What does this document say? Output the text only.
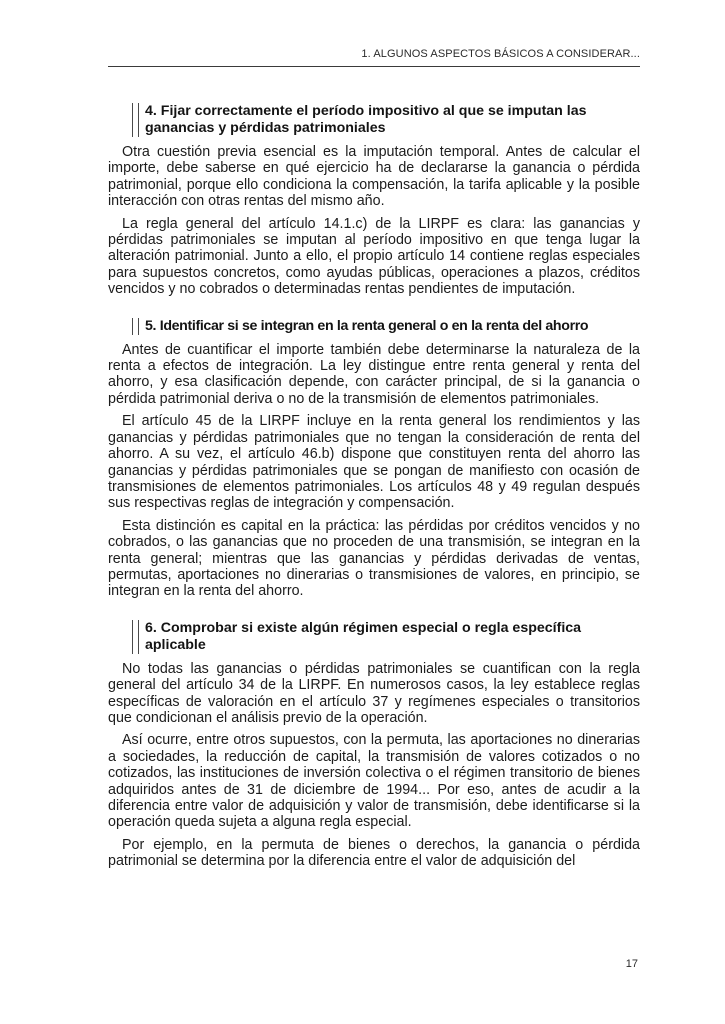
1. ALGUNOS ASPECTOS BÁSICOS A CONSIDERAR...
4. Fijar correctamente el período impositivo al que se imputan las ganancias y pérdidas patrimoniales

Otra cuestión previa esencial es la imputación temporal. Antes de calcular el importe, debe saberse en qué ejercicio ha de declararse la ganancia o pérdida patrimonial, porque ello condiciona la compensación, la tarifa aplicable y la posible interacción con otras rentas del mismo año.

La regla general del artículo 14.1.c) de la LIRPF es clara: las ganancias y pérdidas patrimoniales se imputan al período impositivo en que tenga lugar la alteración patrimonial. Junto a ello, el propio artículo 14 contiene reglas especiales para supuestos concretos, como ayudas públicas, operaciones a plazos, créditos vencidos y no cobrados o determinadas rentas pendientes de imputación.

5. Identificar si se integran en la renta general o en la renta del ahorro

Antes de cuantificar el importe también debe determinarse la naturaleza de la renta a efectos de integración. La ley distingue entre renta general y renta del ahorro, y esa clasificación depende, con carácter principal, de si la ganancia o pérdida patrimonial deriva o no de la transmisión de elementos patrimoniales.

El artículo 45 de la LIRPF incluye en la renta general los rendimientos y las ganancias y pérdidas patrimoniales que no tengan la consideración de renta del ahorro. A su vez, el artículo 46.b) dispone que constituyen renta del ahorro las ganancias y pérdidas patrimoniales que se pongan de manifiesto con ocasión de transmisiones de elementos patrimoniales. Los artículos 48 y 49 regulan después sus respectivas reglas de integración y compensación.

Esta distinción es capital en la práctica: las pérdidas por créditos vencidos y no cobrados, o las ganancias que no proceden de una transmisión, se integran en la renta general; mientras que las ganancias y pérdidas derivadas de ventas, permutas, aportaciones no dinerarias o transmisiones de valores, en principio, se integran en la renta del ahorro.

6. Comprobar si existe algún régimen especial o regla específica aplicable

No todas las ganancias o pérdidas patrimoniales se cuantifican con la regla general del artículo 34 de la LIRPF. En numerosos casos, la ley establece reglas específicas de valoración en el artículo 37 y regímenes especiales o transitorios que condicionan el análisis previo de la operación.

Así ocurre, entre otros supuestos, con la permuta, las aportaciones no dinerarias a sociedades, la reducción de capital, la transmisión de valores cotizados o no cotizados, las instituciones de inversión colectiva o el régimen transitorio de bienes adquiridos antes de 31 de diciembre de 1994... Por eso, antes de acudir a la diferencia entre valor de adquisición y valor de transmisión, debe identificarse si la operación queda sujeta a alguna regla especial.

Por ejemplo, en la permuta de bienes o derechos, la ganancia o pérdida patrimonial se determina por la diferencia entre el valor de adquisición del

17
